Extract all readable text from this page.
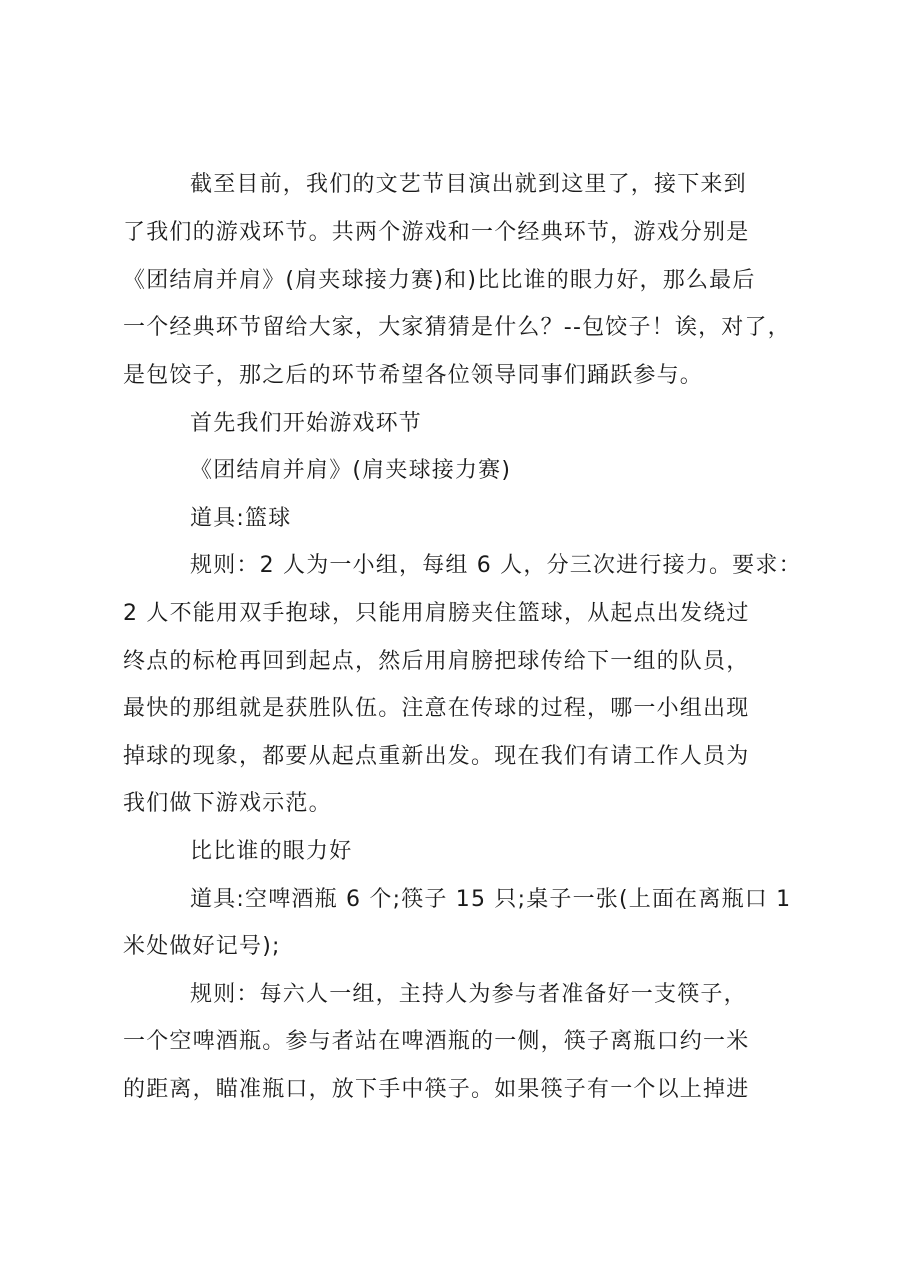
截至目前，我们的文艺节目演出就到这里了，接下来到

了我们的游戏环节。共两个游戏和一个经典环节，游戏分别是

《团结肩并肩》(肩夹球接力赛)和)比比谁的眼力好，那么最后

一个经典环节留给大家，大家猜猜是什么？--包饺子！诶，对了，

是包饺子，那之后的环节希望各位领导同事们踊跃参与。

首先我们开始游戏环节

《团结肩并肩》(肩夹球接力赛)

道具:篮球

规则：2 人为一小组，每组 6 人，分三次进行接力。要求：

2 人不能用双手抱球，只能用肩膀夹住篮球，从起点出发绕过

终点的标枪再回到起点，然后用肩膀把球传给下一组的队员，

最快的那组就是获胜队伍。注意在传球的过程，哪一小组出现

掉球的现象，都要从起点重新出发。现在我们有请工作人员为

我们做下游戏示范。

比比谁的眼力好

道具:空啤酒瓶 6 个;筷子 15 只;桌子一张(上面在离瓶口 1

米处做好记号);

规则：每六人一组，主持人为参与者准备好一支筷子，

一个空啤酒瓶。参与者站在啤酒瓶的一侧，筷子离瓶口约一米

的距离，瞄准瓶口，放下手中筷子。如果筷子有一个以上掉进
